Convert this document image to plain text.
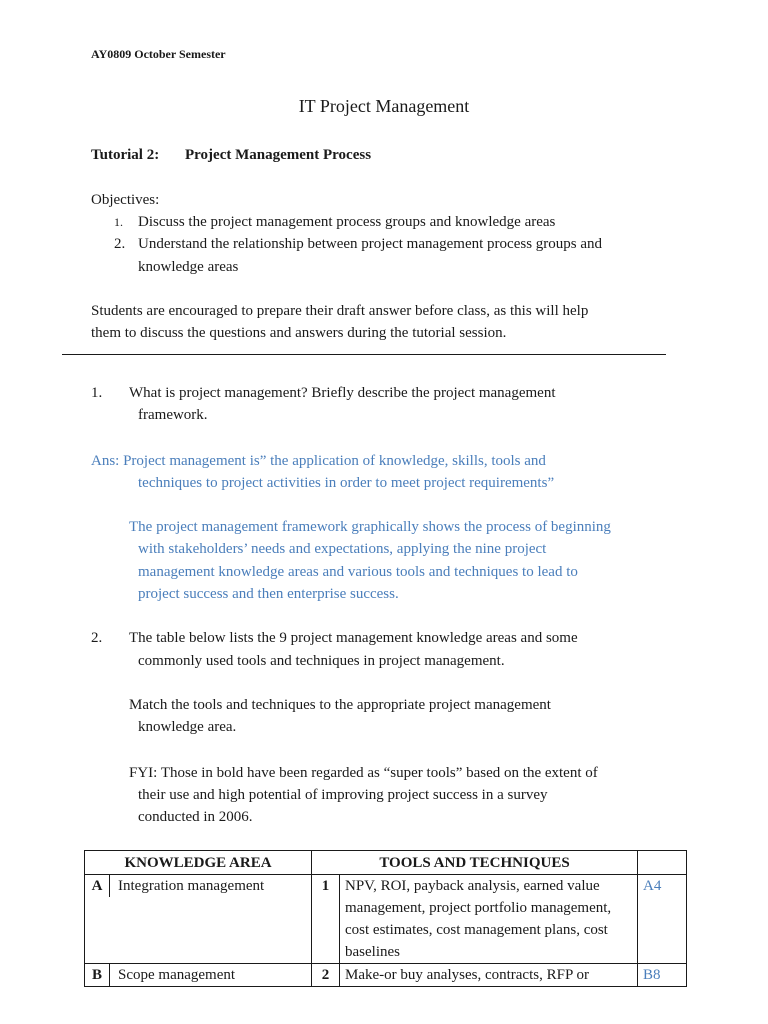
AY0809 October Semester
IT Project Management
Tutorial 2: Project Management Process
Objectives:
1. Discuss the project management process groups and knowledge areas
2. Understand the relationship between project management process groups and
knowledge areas
Students are encouraged to prepare their draft answer before class, as this will help
them to discuss the questions and answers during the tutorial session.
1. What is project management? Briefly describe the project management
framework.
Ans: Project management is” the application of knowledge, skills, tools and
techniques to project activities in order to meet project requirements”
The project management framework graphically shows the process of beginning
with stakeholders’ needs and expectations, applying the nine project
management knowledge areas and various tools and techniques to lead to
project success and then enterprise success.
2. The table below lists the 9 project management knowledge areas and some
commonly used tools and techniques in project management.
Match the tools and techniques to the appropriate project management
knowledge area.
FYI: Those in bold have been regarded as “super tools” based on the extent of
their use and high potential of improving project success in a survey
conducted in 2006.
KNOWLEDGE AREA	TOOLS AND TECHNIQUES		

A Integration management	1	NPV, ROI, payback analysis, earned value management, project portfolio management, cost estimates, cost management plans, cost baselines	A4

B Scope management	2	Make-or buy analyses, contracts, RFP or	B8
